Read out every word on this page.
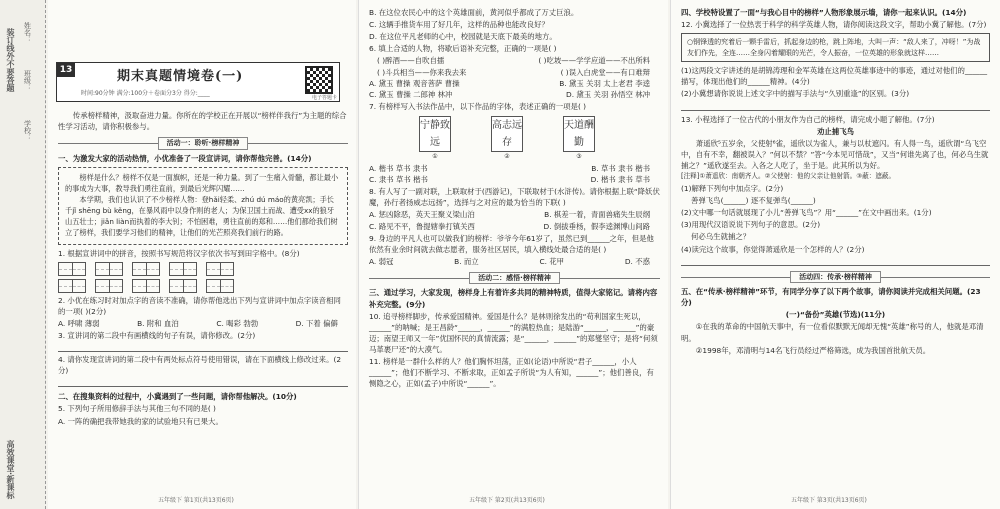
装订线外不要答题
学校：
班级：
姓名：
高效课堂·新课标
传承榜样精神，汲取奋进力量。你所在的学校正在开展以“榜样伴我行”为主题的综合性学习活动，请你积极参与。
活动一：聆听·榜样精神
一、为激发大家的活动热情，小优准备了一段宣讲词，请你帮他完善。(14分)
榜样是什么？榜样不仅是一面旗帜，还是一种力量。到了一生痛入骨髓，都让最小的事成为大事，教导我们勇往直前，到最后光辉闪耀……
本学期，我们也认识了不少榜样人物：登hǎi轻柔、zhú dú máo的黄亮凯；手长千jǐ shēng bù kěng，在暴风雨中以身作则的老人；为保卫国土而战、遭受xx的狼牙山五壮士；jiǎn liàn而执着的李大钊；不怕困难，勇往直前的郑和……他们都给我们树立了榜样，我们要学习他们的精神，让他们的光芒照亮我们前行的路。
1. 根据宣讲词中的拼音，按照书写规范将汉字依次书写到田字格中。(8分)
2. 小优在练习时对加点字的音读不准确，请你帮他选出下列与宣讲词中加点字读音相同的一项( )(2分)
A. 呼啸 薄弱	B. 附和 血泊	C. 喝彩 勃勃	D. 下着 偏僻
3. 宣讲词的第二段中有画横线的句子有误，请你修改。(2分)
4. 请你发现宣讲词的第二段中有两处标点符号使用错误，请在下面横线上修改过来。(2分)
二、在搜集资料的过程中，小冀遇到了一些问题，请你帮他解决。(10分)
5. 下列句子所用修辞手法与其他三句不同的是( )
A. 一阵的确把我带她我的家的试验地只有已果大。
五年级下 第1页(共13页6页)
13	期末真题情境卷(一)
时间:90分钟 满分:100分＋卷面分3分 得分:____
电子答题卡
B. 在这位农民心中的这个英雄面前，黄河似乎都成了万丈巨浪。
C. 这辆手推货车用了好几年，这样的品种也能改良好？
D. 在这位平凡老师的心中，校园就是天底下最美的地方。
6. 填上合适的人物，将歇后语补充完整，正确的一项是( )
( )醉酒——自吹自擂	( )吃坡——学学应道——不出所料
( )斗兵相当——你来我去来	( )误入白虎堂——有口难辩
A. 黛玉 曹操 观音菩萨 曹操	B. 黛玉 关羽 太上老君 李逵
C. 黛玉 曹操 二郎神 林冲	D. 黛玉 关羽 孙悟空 林冲
7. 有榜样写入书法作品中，以下作品的字体，表述正确的一项是( )
宁静致远
①
高志远存
②
天道酬勤
③
A. 楷书 草书 隶书	B. 草书 隶书 楷书
C. 隶书 草书 楷书	D. 楷书 隶书 草书
8. 有人写了一副对联，上联取材于(西游记)，下联取材于(水浒传)。请你根据上联“降妖伏魔，孙行者扬威志远扬”，选择与之对应的最为恰当的下联( )
A. 惩凶除恶，英天王聚义梁山泊	B. 棋差一着，青面兽痛失生辰纲
C. 路见不平，鲁提辖拳打镇关西	D. 倒拔垂杨，假李逵渊博山间路
9. 身边的平凡人也可以做我们的榜样：爷爷今年61岁了，虽然已到______之年，但是他依然有业余时间就去做志愿者，服务社区居民，填入横线处最合适的是( )
A. 弱冠	B. 而立	C. 花甲	D. 不惑
活动二：感悟·榜样精神
三、通过学习，大家发现，榜样身上有着许多共同的精神特质，值得大家铭记。请将内容补充完整。(9分)
10. 追寻榜样脚步，传承爱国精神。爱国是什么？是林则徐发出的“苟利国家生死以，______”的呐喊；是王昌龄“______，______”的满腔热血；是陆游“______，______”的豪迈；南望王师又一年”优国怀民的真情流露；是“______，______”的郑燮坚守；是将“何须马革裹尸还”的大漠气。
11. 榜样是一群什么样的人？他们胸怀坦荡，正如(论语)中所说“君子______，小人______”；他们不断学习、不断求取，正如孟子所说“为人有知，______”；他们善良，有恻隐之心，正如(孟子)中所说“______”。
五年级下 第2页(共13页6页)
四、学校特设置了一面“与我心目中的榜样”人物形象展示墙，请你一起来认识。(14分)
12. 小冀选择了一位热衷于科学的科学英雄人物，请你阅读这段文字，帮助小冀了解他。(7分)
○钢锋透的究着后一颗手雷后，抓起身边的枪，跳上阵地，大叫一声：“敌人来了，冲呀！”为战友们作先，全连……全身闪着耀眼的光芒，令人振奋，一位英雄的形象就这样……
(1)这两段文字讲述的是胡锦涛理和金军英雄在这两位英雄事迹中的事迹，通过对他们的______描写，体现出他们的______精神。(4分)
(2)小冀想请你说说上述文字中的描写手法与“久别重逢”的区别。(3分)
13. 小程选择了一位古代的小朋友作为自己的榜样，请完成小题了解他。(7分)
劝止捕飞鸟
萧遥欣⁵五岁余，父使射⁶雀，遥欣以为雀人，兼与以杖遮闪。有人得一鸟，遥欣谓“乌飞空中，自有不幸，翻被误入？”何以不禁？”答“今本见可惜哉”，又当“何谁先离了也，何必乌生就捕之？”遥欣遂至去。入各之人吃了，坐于是。此其所以为好。
[注释]①萧遥欣：南朝齐人。②父使射：他的父亲让他射箭。③蔽：遮蔽。
(1)解释下列句中加点字。(2分)
善弹飞鸟(______) 逐不复弹鸟(______)
(2)文中哪一句话就展现了小儿“善弹飞鸟”？用“______”在文中画出来。(1分)
(3)用现代汉语说说下列句子的意思。(2分)
何必乌生就捕之？
(4)读完这个故事，你觉得萧遥欣是一个怎样的人？(2分)
活动四：传承·榜样精神
五、在“传承·榜样精神”环节，有同学分享了以下两个故事，请你阅读并完成相关问题。(23分)
(一)“备份”英雄(节选)(11分)
①在我的革命的中国航天事中，有一位看似默默无闻却无愧“英雄”称号的人，他就是邓清明。
②1998年，邓清明与14名飞行员经过严格筛选，成为我国首批航天员。
五年级下 第3页(共13页6页)
